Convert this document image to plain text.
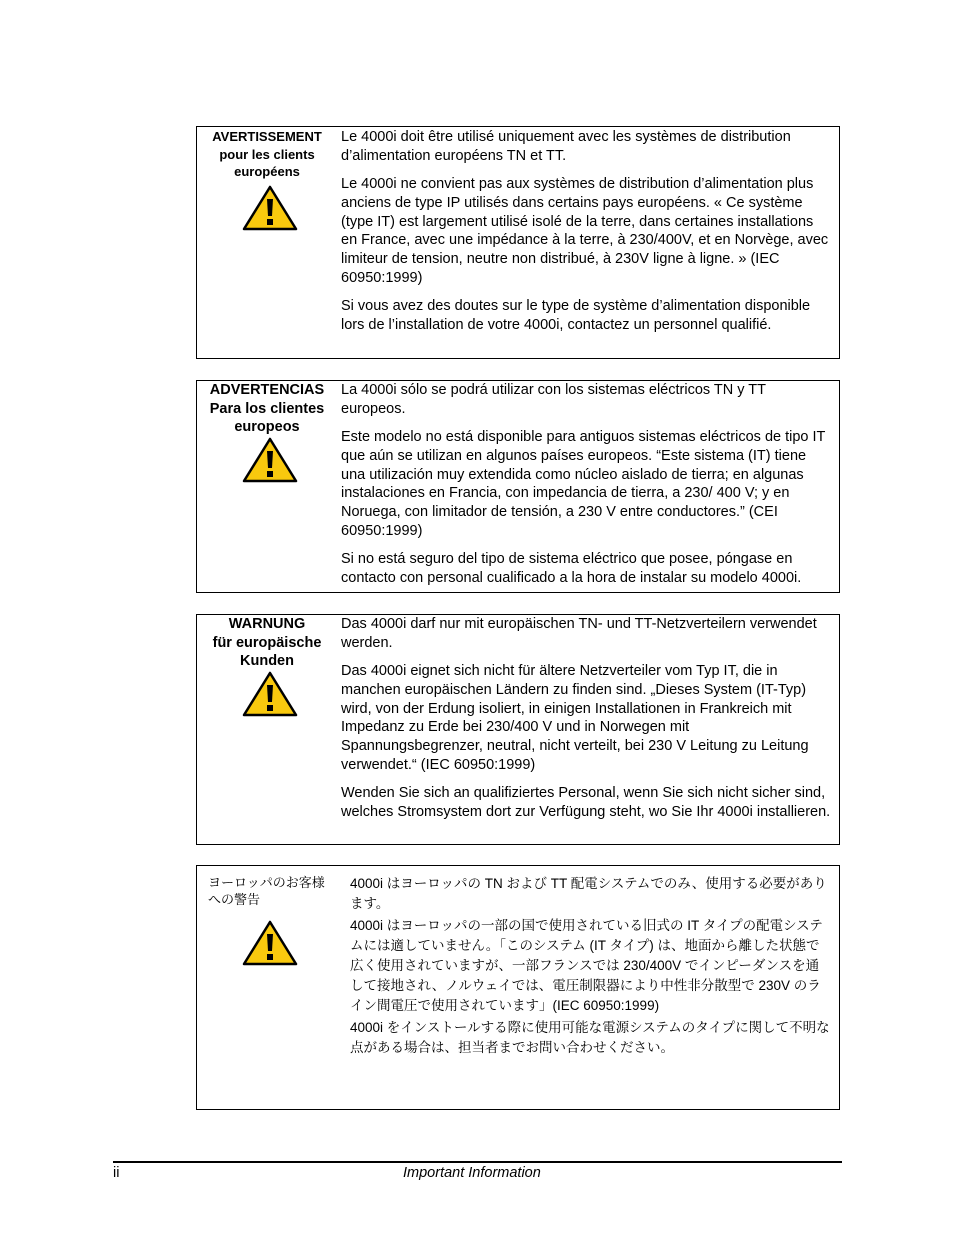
AVERTISSEMENT
pour les clients
européens

Le 4000i doit être utilisé uniquement avec les systèmes de distribution d’alimentation européens TN et TT.

Le 4000i ne convient pas aux systèmes de distribution d’alimentation plus anciens de type IP utilisés dans certains pays européens. « Ce système (type IT) est largement utilisé isolé de la terre, dans certaines installations en France, avec une impédance à la terre, à 230/400V, et en Norvège, avec limiteur de tension, neutre non distribué, à 230V ligne à ligne. » (IEC 60950:1999)

Si vous avez des doutes sur le type de système d’alimentation disponible lors de l’installation de votre 4000i, contactez un personnel qualifié.

ADVERTENCIAS
Para los clientes
europeos

La 4000i sólo se podrá utilizar con los sistemas eléctricos TN y TT europeos.

Este modelo no está disponible para antiguos sistemas eléctricos de tipo IT que aún se utilizan en algunos países europeos. “Este sistema (IT) tiene una utilización muy extendida como núcleo aislado de tierra; en algunas instalaciones en Francia, con impedancia de tierra, a 230/ 400 V; y en Noruega, con limitador de tensión, a 230 V entre conductores.” (CEI 60950:1999)

Si no está seguro del tipo de sistema eléctrico que posee, póngase en contacto con personal cualificado a la hora de instalar su modelo 4000i.

WARNUNG
für europäische
Kunden

Das 4000i darf nur mit europäischen TN- und TT-Netzverteilern verwendet werden.

Das 4000i eignet sich nicht für ältere Netzverteiler vom Typ IT, die in manchen europäischen Ländern zu finden sind. „Dieses System (IT-Typ) wird, von der Erdung isoliert, in einigen Installationen in Frankreich mit Impedanz zu Erde bei 230/400 V und in Norwegen mit Spannungsbegrenzer, neutral, nicht verteilt, bei 230 V Leitung zu Leitung verwendet.“ (IEC 60950:1999)

Wenden Sie sich an qualifiziertes Personal, wenn Sie sich nicht sicher sind, welches Stromsystem dort zur Verfügung steht, wo Sie Ihr 4000i installieren.

ヨーロッパのお客様への警告

4000i はヨーロッパの TN および TT 配電システムでのみ、使用する必要があります。

4000i はヨーロッパの一部の国で使用されている旧式の IT タイプの配電システムには適していません。「このシステム (IT タイプ) は、地面から離した状態で広く使用されていますが、一部フランスでは 230/400V でインピーダンスを通して接地され、ノルウェイでは、電圧制限器により中性非分散型で 230V のライン間電圧で使用されています」(IEC 60950:1999)

4000i をインストールする際に使用可能な電源システムのタイプに関して不明な点がある場合は、担当者までお問い合わせください。

ii	Important Information
